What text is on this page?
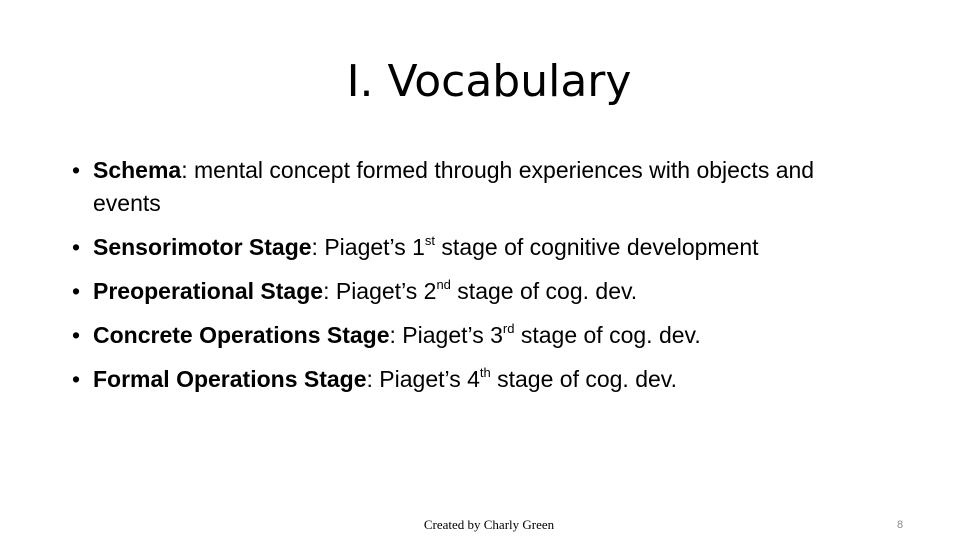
I. Vocabulary
• Schema: mental concept formed through experiences with objects and events
• Sensorimotor Stage: Piaget’s 1st stage of cognitive development
• Preoperational Stage: Piaget’s 2nd stage of cog. dev.
• Concrete Operations Stage: Piaget’s 3rd stage of cog. dev.
• Formal Operations Stage: Piaget’s 4th stage of cog. dev.
Created by Charly Green	8
